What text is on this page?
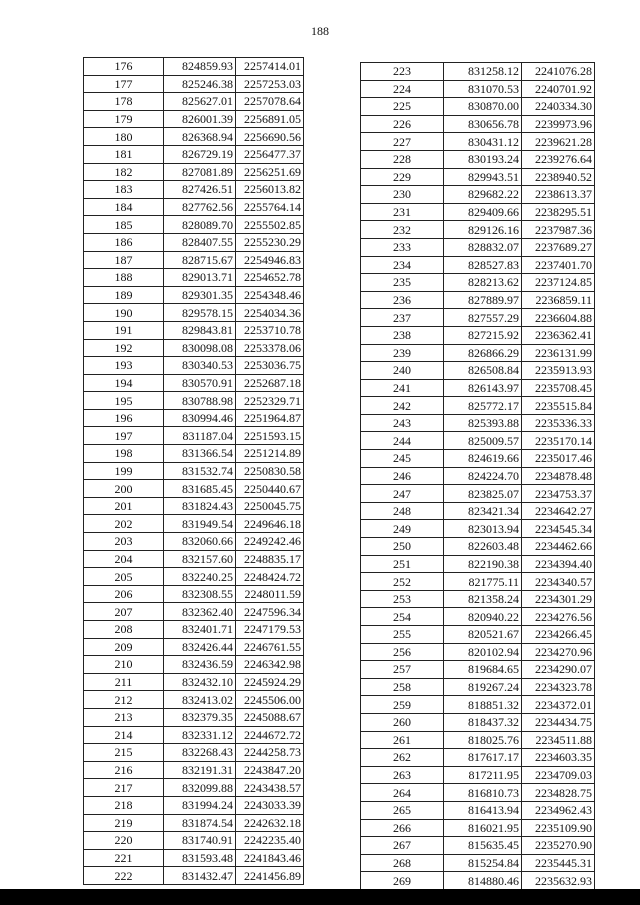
188
176	824859.93	2257414.01
177	825246.38	2257253.03
178	825627.01	2257078.64
179	826001.39	2256891.05
180	826368.94	2256690.56
181	826729.19	2256477.37
182	827081.89	2256251.69
183	827426.51	2256013.82
184	827762.56	2255764.14
185	828089.70	2255502.85
186	828407.55	2255230.29
187	828715.67	2254946.83
188	829013.71	2254652.78
189	829301.35	2254348.46
190	829578.15	2254034.36
191	829843.81	2253710.78
192	830098.08	2253378.06
193	830340.53	2253036.75
194	830570.91	2252687.18
195	830788.98	2252329.71
196	830994.46	2251964.87
197	831187.04	2251593.15
198	831366.54	2251214.89
199	831532.74	2250830.58
200	831685.45	2250440.67
201	831824.43	2250045.75
202	831949.54	2249646.18
203	832060.66	2249242.46
204	832157.60	2248835.17
205	832240.25	2248424.72
206	832308.55	2248011.59
207	832362.40	2247596.34
208	832401.71	2247179.53
209	832426.44	2246761.55
210	832436.59	2246342.98
211	832432.10	2245924.29
212	832413.02	2245506.00
213	832379.35	2245088.67
214	832331.12	2244672.72
215	832268.43	2244258.73
216	832191.31	2243847.20
217	832099.88	2243438.57
218	831994.24	2243033.39
219	831874.54	2242632.18
220	831740.91	2242235.40
221	831593.48	2241843.46
222	831432.47	2241456.89
223	831258.12	2241076.28
224	831070.53	2240701.92
225	830870.00	2240334.30
226	830656.78	2239973.96
227	830431.12	2239621.28
228	830193.24	2239276.64
229	829943.51	2238940.52
230	829682.22	2238613.37
231	829409.66	2238295.51
232	829126.16	2237987.36
233	828832.07	2237689.27
234	828527.83	2237401.70
235	828213.62	2237124.85
236	827889.97	2236859.11
237	827557.29	2236604.88
238	827215.92	2236362.41
239	826866.29	2236131.99
240	826508.84	2235913.93
241	826143.97	2235708.45
242	825772.17	2235515.84
243	825393.88	2235336.33
244	825009.57	2235170.14
245	824619.66	2235017.46
246	824224.70	2234878.48
247	823825.07	2234753.37
248	823421.34	2234642.27
249	823013.94	2234545.34
250	822603.48	2234462.66
251	822190.38	2234394.40
252	821775.11	2234340.57
253	821358.24	2234301.29
254	820940.22	2234276.56
255	820521.67	2234266.45
256	820102.94	2234270.96
257	819684.65	2234290.07
258	819267.24	2234323.78
259	818851.32	2234372.01
260	818437.32	2234434.75
261	818025.76	2234511.88
262	817617.17	2234603.35
263	817211.95	2234709.03
264	816810.73	2234828.75
265	816413.94	2234962.43
266	816021.95	2235109.90
267	815635.45	2235270.90
268	815254.84	2235445.31
269	814880.46	2235632.93
